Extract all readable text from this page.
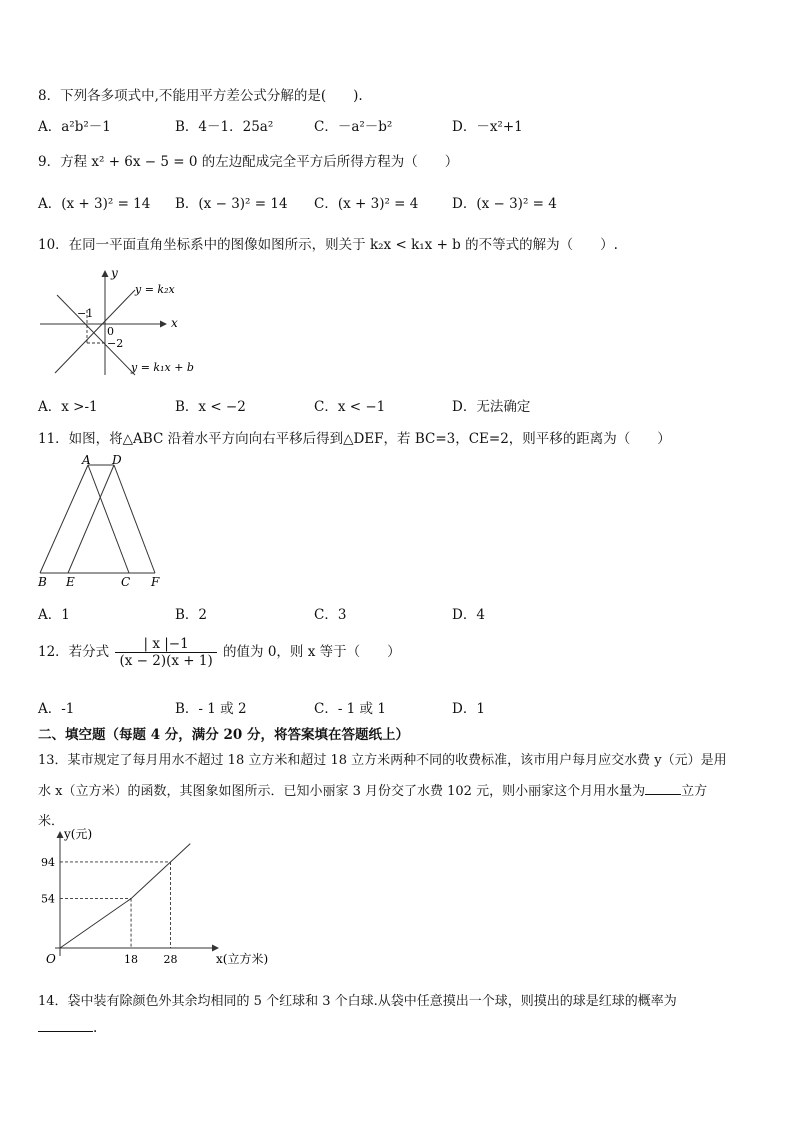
8．下列各多项式中,不能用平方差公式分解的是(　　).
A．a²b²－1	B．4－1．25a²	C．－a²－b²	D．－x²+1
9．方程 x² + 6x − 5 = 0 的左边配成完全平方后所得方程为（　　）
A．(x + 3)² = 14 B．(x − 3)² = 14 C．(x + 3)² = 4 D．(x − 3)² = 4
10．在同一平面直角坐标系中的图像如图所示，则关于 k₂x < k₁x + b 的不等式的解为（　　）.
−1
0
−2
x
y
y = k₂x
y = k₁x + b
A．x >-1	B．x < −2	C．x < −1	D．无法确定
11．如图，将△ABC 沿着水平方向向右平移后得到△DEF，若 BC=3，CE=2，则平移的距离为（　　）
A D
B E	C F
A．1	B．2	C．3	D．4
12．若分式 $\frac{| x |-1}{(x - 2)(x + 1)}$ 的值为 0，则 x 等于（　　）
A．-1	B．- 1 或 2	C．- 1 或 1	D．1
二、填空题（每题 4 分，满分 20 分，将答案填在答题纸上）
13．某市规定了每月用水不超过 18 立方米和超过 18 立方米两种不同的收费标准，该市用户每月应交水费 y（元）是用
水 x（立方米）的函数，其图象如图所示．已知小丽家 3 月份交了水费 102 元，则小丽家这个月用水量为	立方
米．
18 28
54
94
O	x(立方米)
y(元)
14．袋中装有除颜色外其余均相同的 5 个红球和 3 个白球.从袋中任意摸出一个球，则摸出的球是红球的概率为
.
